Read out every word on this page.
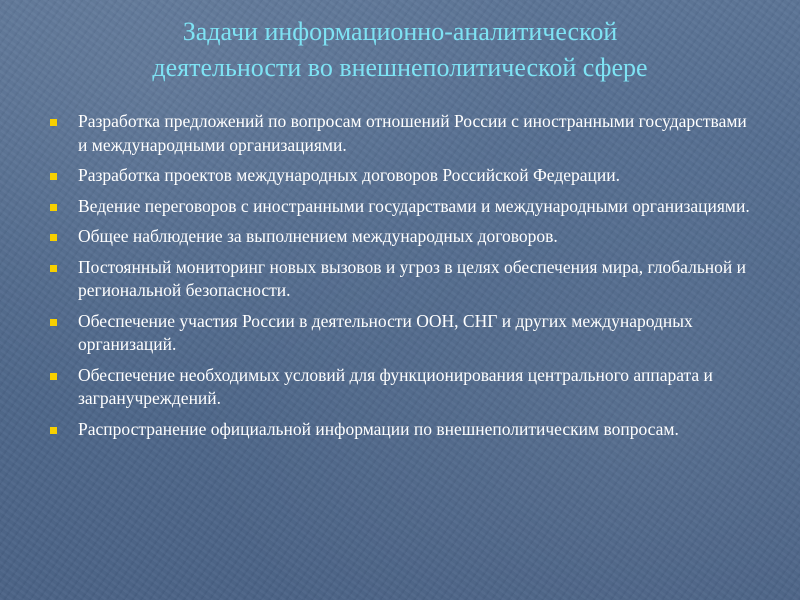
Задачи информационно-аналитической
деятельности во внешнеполитической сфере
Разработка предложений по вопросам отношений России с иностранными государствами и международными организациями.
Разработка проектов международных договоров Российской Федерации.
Ведение переговоров с иностранными государствами и международными организациями.
Общее наблюдение за выполнением международных договоров.
Постоянный мониторинг новых вызовов и угроз в целях обеспечения мира, глобальной и региональной безопасности.
Обеспечение участия России в деятельности ООН, СНГ и других международных организаций.
Обеспечение необходимых условий для функционирования центрального аппарата и загранучреждений.
Распространение официальной информации по внешнеполитическим вопросам.
